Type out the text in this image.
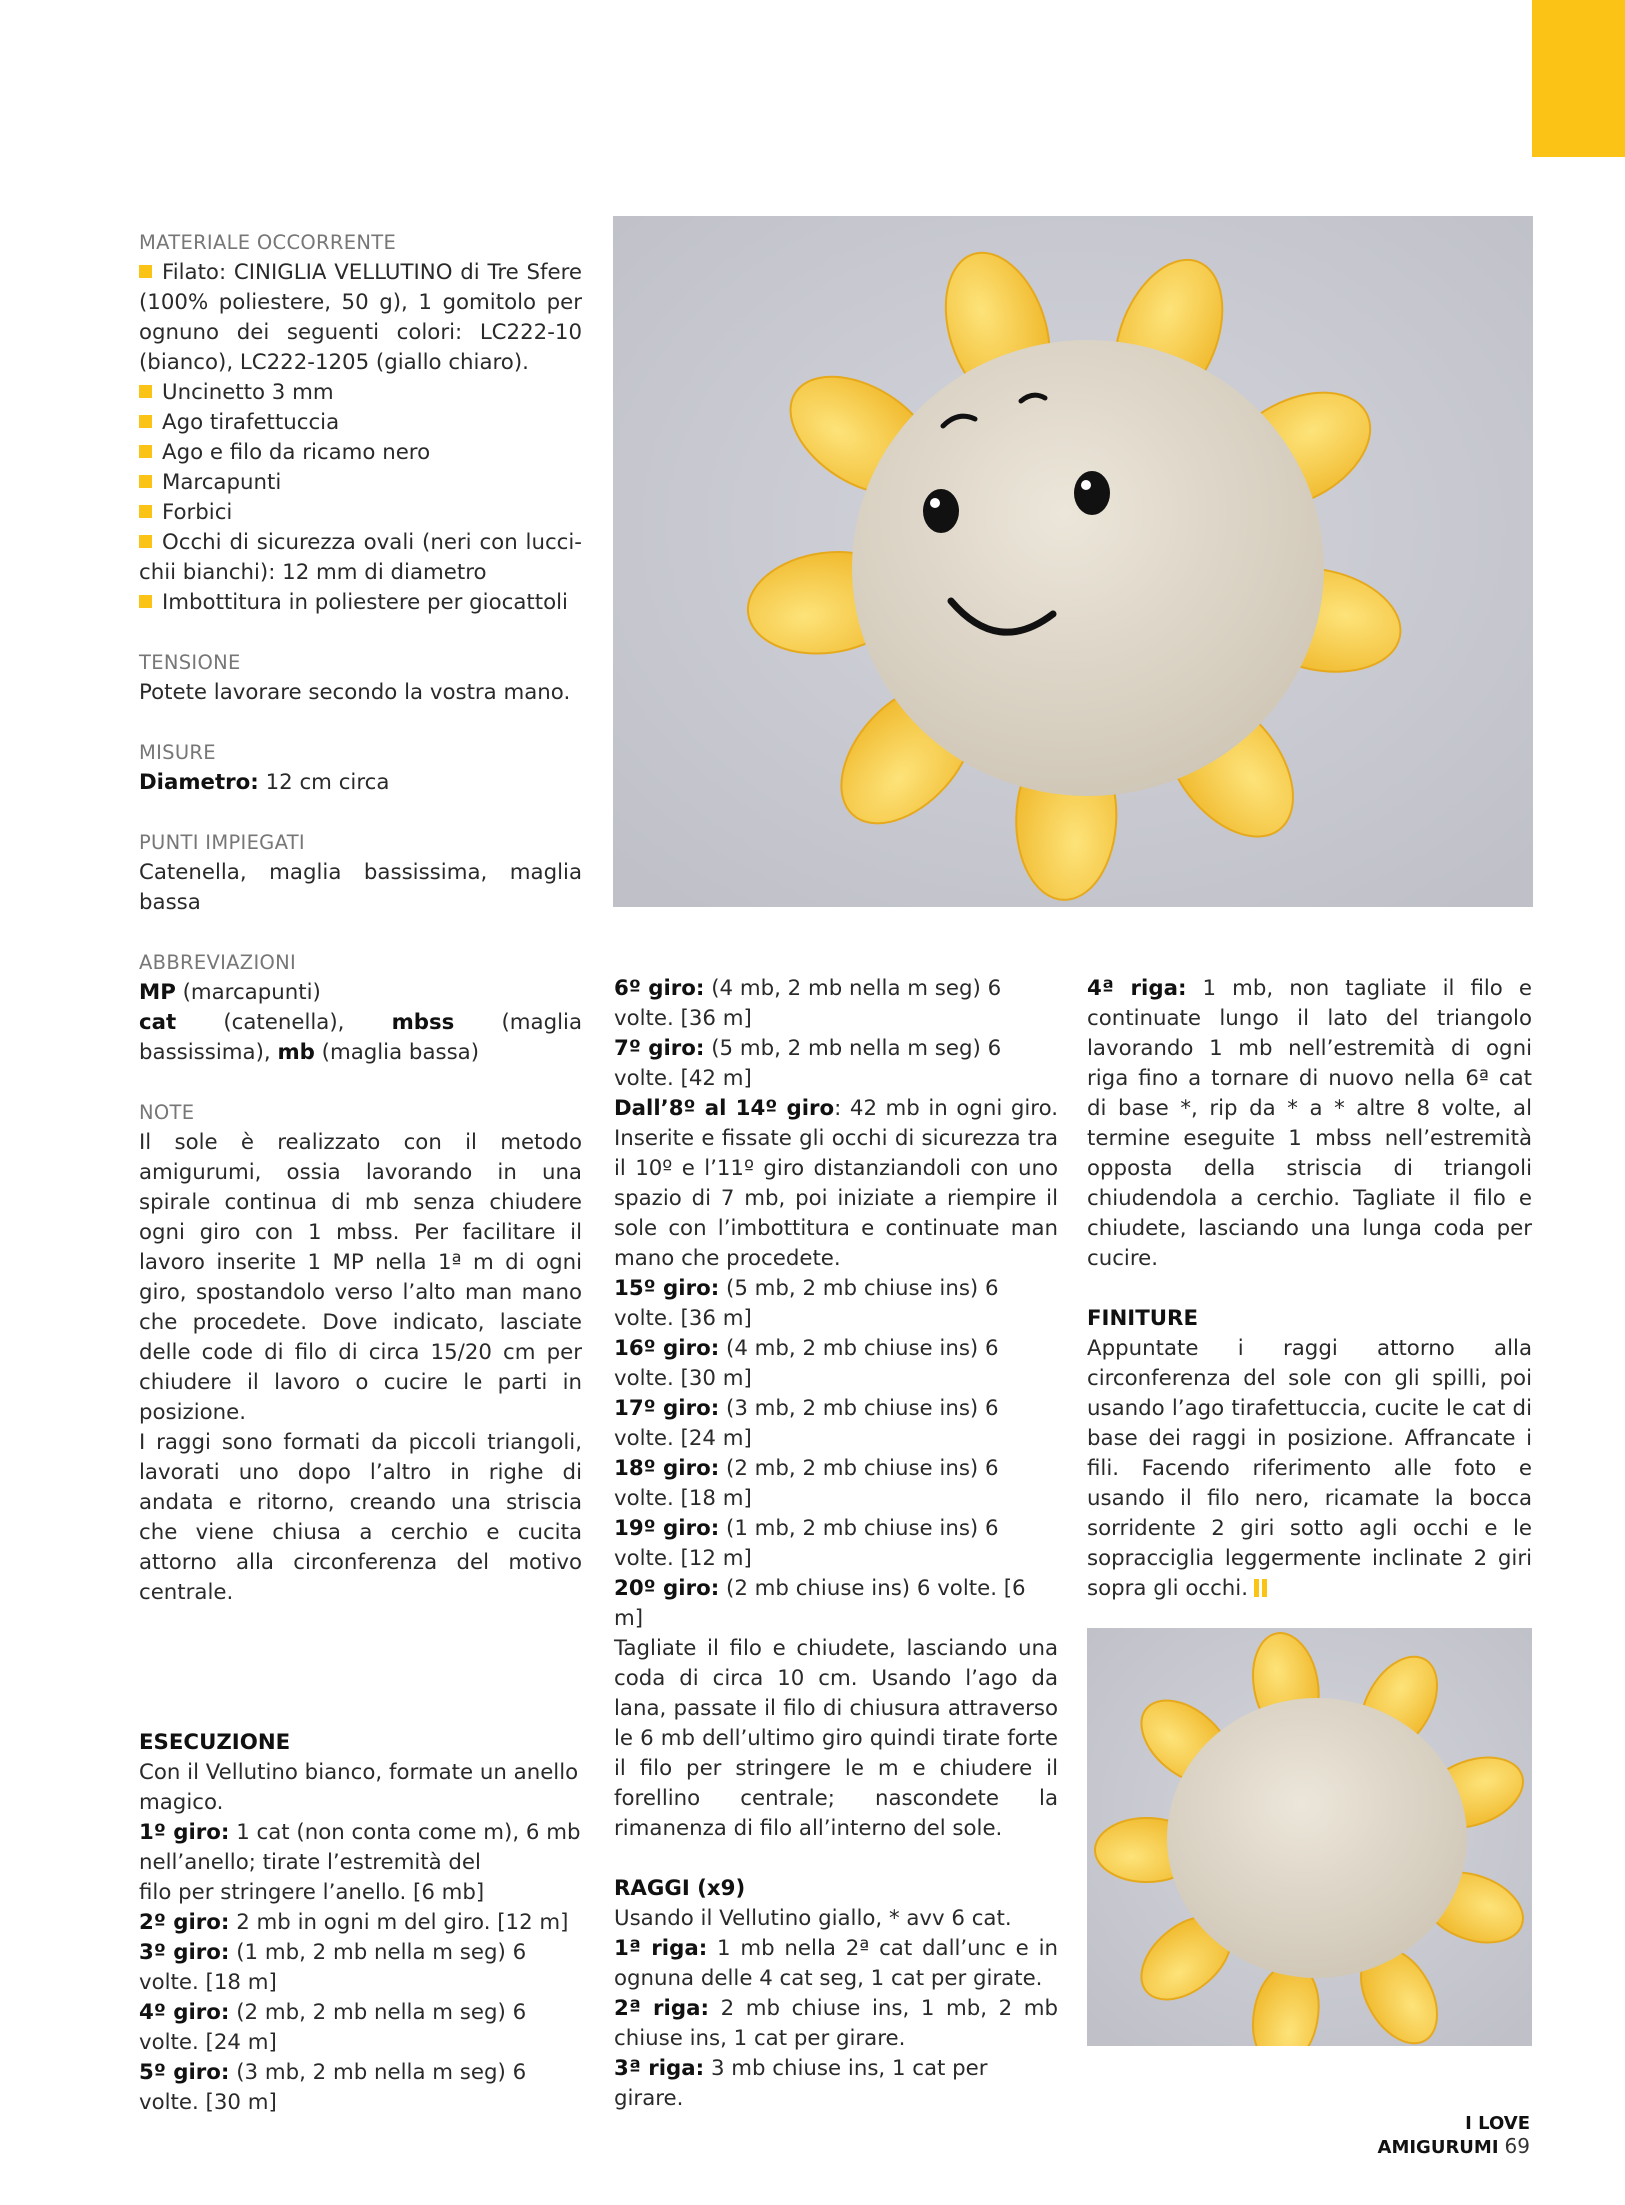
MATERIALE OCCORRENTE

Filato: CINIGLIA VELLUTINO di Tre Sfere (100% poliestere, 50 g), 1 gomitolo per ognuno dei seguenti colori: LC222-10 (bianco), LC222-1205 (giallo chiaro).

Uncinetto 3 mm

Ago tirafettuccia

Ago e filo da ricamo nero

Marcapunti

Forbici

Occhi di sicurezza ovali (neri con lucci-chii bianchi): 12 mm di diametro

Imbottitura in poliestere per giocattoli

TENSIONE

Potete lavorare secondo la vostra mano.

MISURE

Diametro: 12 cm circa

PUNTI IMPIEGATI

Catenella, maglia bassissima, maglia bassa

ABBREVIAZIONI

MP (marcapunti)

cat (catenella), mbss (maglia bassissima), mb (maglia bassa)

NOTE

Il sole è realizzato con il metodo amigurumi, ossia lavorando in una spirale continua di mb senza chiudere ogni giro con 1 mbss. Per facilitare il lavoro inserite 1 MP nella 1ª m di ogni giro, spostandolo verso l’alto man mano che procedete. Dove indicato, lasciate delle code di filo di circa 15/20 cm per chiudere il lavoro o cucire le parti in posizione.

I raggi sono formati da piccoli triangoli, lavorati uno dopo l’altro in righe di andata e ritorno, creando una striscia che viene chiusa a cerchio e cucita attorno alla circonferenza del motivo centrale.

ESECUZIONE

Con il Vellutino bianco, formate un anello magico.

1º giro: 1 cat (non conta come m), 6 mb nell’anello; tirate l’estremità del
filo per stringere l’anello. [6 mb]

2º giro: 2 mb in ogni m del giro. [12 m]

3º giro: (1 mb, 2 mb nella m seg) 6 volte. [18 m]

4º giro: (2 mb, 2 mb nella m seg) 6 volte. [24 m]

5º giro: (3 mb, 2 mb nella m seg) 6 volte. [30 m]

6º giro: (4 mb, 2 mb nella m seg) 6 volte. [36 m]

7º giro: (5 mb, 2 mb nella m seg) 6 volte. [42 m]

Dall’8º al 14º giro: 42 mb in ogni giro. Inserite e fissate gli occhi di sicurezza tra il 10º e l’11º giro distanziandoli con uno spazio di 7 mb, poi iniziate a riempire il sole con l’imbottitura e continuate man mano che procedete.

15º giro: (5 mb, 2 mb chiuse ins) 6 volte. [36 m]

16º giro: (4 mb, 2 mb chiuse ins) 6 volte. [30 m]

17º giro: (3 mb, 2 mb chiuse ins) 6 volte. [24 m]

18º giro: (2 mb, 2 mb chiuse ins) 6 volte. [18 m]

19º giro: (1 mb, 2 mb chiuse ins) 6 volte. [12 m]

20º giro: (2 mb chiuse ins) 6 volte. [6 m]

Tagliate il filo e chiudete, lasciando una coda di circa 10 cm. Usando l’ago da lana, passate il filo di chiusura attraverso le 6 mb dell’ultimo giro quindi tirate forte il filo per stringere le m e chiudere il forellino centrale; nascondete la rimanenza di filo all’interno del sole.

RAGGI (x9)

Usando il Vellutino giallo, * avv 6 cat.

1ª riga: 1 mb nella 2ª cat dall’unc e in ognuna delle 4 cat seg, 1 cat per girate.

2ª riga: 2 mb chiuse ins, 1 mb, 2 mb chiuse ins, 1 cat per girare.

3ª riga: 3 mb chiuse ins, 1 cat per girare.

4ª riga: 1 mb, non tagliate il filo e continuate lungo il lato del triangolo lavorando 1 mb nell’estremità di ogni riga fino a tornare di nuovo nella 6ª cat di base *, rip da * a * altre 8 volte, al termine eseguite 1 mbss nell’estremità opposta della striscia di triangoli chiudendola a cerchio. Tagliate il filo e chiudete, lasciando una lunga coda per cucire.

FINITURE

Appuntate i raggi attorno alla circonferenza del sole con gli spilli, poi usando l’ago tirafettuccia, cucite le cat di base dei raggi in posizione. Affrancate i fili. Facendo riferimento alle foto e usando il filo nero, ricamate la bocca sorridente 2 giri sotto agli occhi e le sopracciglia leggermente inclinate 2 giri sopra gli occhi.

I LOVE AMIGURUMI 69
